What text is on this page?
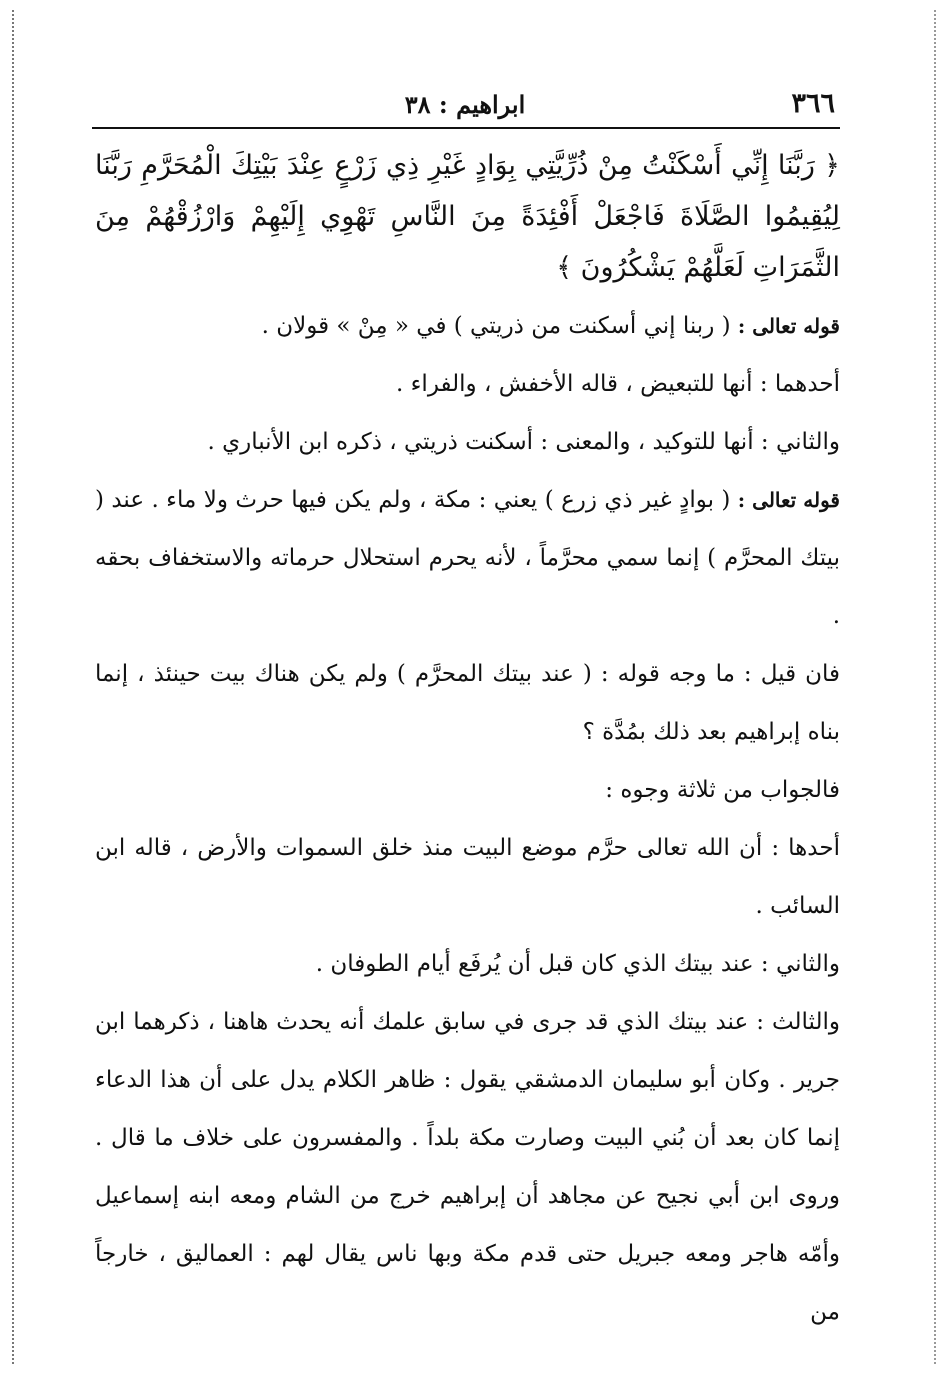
٣٦٦
ابراهيم : ٣٨

﴿ رَبَّنَا إِنِّي أَسْكَنْتُ مِنْ ذُرِّيَّتِي بِوَادٍ غَيْرِ ذِي زَرْعٍ عِنْدَ بَيْتِكَ الْمُحَرَّمِ رَبَّنَا لِيُقِيمُوا الصَّلَاةَ فَاجْعَلْ أَفْئِدَةً مِنَ النَّاسِ تَهْوِي إِلَيْهِمْ وَارْزُقْهُمْ مِنَ الثَّمَرَاتِ لَعَلَّهُمْ يَشْكُرُونَ ﴾

قوله تعالى : ( ربنا إني أسكنت من ذريتي ) في « مِنْ » قولان .

أحدهما : أنها للتبعيض ، قاله الأخفش ، والفراء .

والثاني : أنها للتوكيد ، والمعنى : أسكنت ذريتي ، ذكره ابن الأنباري .

قوله تعالى : ( بوادٍ غير ذي زرع ) يعني : مكة ، ولم يكن فيها حرث ولا ماء . عند ( بيتك المحرَّم ) إنما سمي محرَّماً ، لأنه يحرم استحلال حرماته والاستخفاف بحقه .

فان قيل : ما وجه قوله : ( عند بيتك المحرَّم ) ولم يكن هناك بيت حينئذ ، إنما بناه إبراهيم بعد ذلك بمُدَّة ؟

فالجواب من ثلاثة وجوه :

أحدها : أن الله تعالى حرَّم موضع البيت منذ خلق السموات والأرض ، قاله ابن السائب .

والثاني : عند بيتك الذي كان قبل أن يُرفَع أيام الطوفان .

والثالث : عند بيتك الذي قد جرى في سابق علمك أنه يحدث هاهنا ، ذكرهما ابن جرير . وكان أبو سليمان الدمشقي يقول : ظاهر الكلام يدل على أن هذا الدعاء إنما كان بعد أن بُني البيت وصارت مكة بلداً . والمفسرون على خلاف ما قال . وروى ابن أبي نجيح عن مجاهد أن إبراهيم خرج من الشام ومعه ابنه إسماعيل وأمّه هاجر ومعه جبريل حتى قدم مكة وبها ناس يقال لهم : العماليق ، خارجاً من
